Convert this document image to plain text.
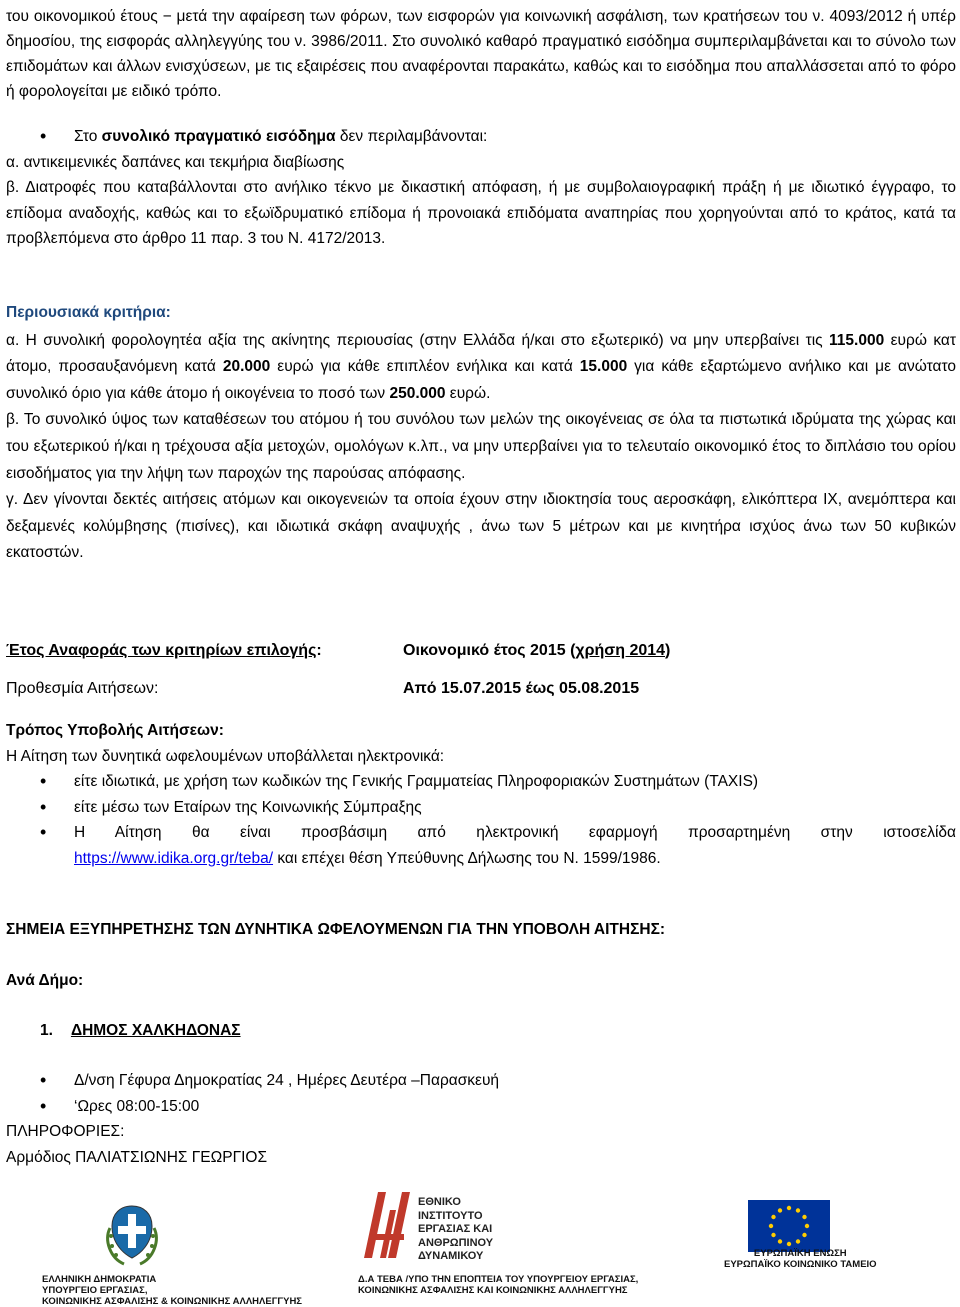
του οικονομικού έτους − μετά την αφαίρεση των φόρων, των εισφορών για κοινωνική ασφάλιση, των κρατήσεων του ν. 4093/2012 ή υπέρ δημοσίου, της εισφοράς αλληλεγγύης του ν. 3986/2011. Στο συνολικό καθαρό πραγματικό εισόδημα συμπεριλαμβάνεται και το σύνολο των επιδομάτων και άλλων ενισχύσεων, με τις εξαιρέσεις που αναφέρονται παρακάτω, καθώς και το εισόδημα που απαλλάσσεται από το φόρο ή φορολογείται με ειδικό τρόπο.

• Στο συνολικό πραγματικό εισόδημα δεν περιλαμβάνονται:

α. αντικειμενικές δαπάνες και τεκμήρια διαβίωσης

β. Διατροφές που καταβάλλονται στο ανήλικο τέκνο με δικαστική απόφαση, ή με συμβολαιογραφική πράξη ή με ιδιωτικό έγγραφο, το επίδομα αναδοχής, καθώς και το εξωϊδρυματικό επίδομα ή προνοιακά επιδόματα αναπηρίας που χορηγούνται από το κράτος, κατά τα προβλεπόμενα στο άρθρο 11 παρ. 3 του Ν. 4172/2013.

Περιουσιακά κριτήρια:

α. Η συνολική φορολογητέα αξία της ακίνητης περιουσίας (στην Ελλάδα ή/και στο εξωτερικό) να μην υπερβαίνει τις 115.000 ευρώ κατ άτομο, προσαυξανόμενη κατά 20.000 ευρώ για κάθε επιπλέον ενήλικα και κατά 15.000 για κάθε εξαρτώμενο ανήλικο και με ανώτατο συνολικό όριο για κάθε άτομο ή οικογένεια το ποσό των 250.000 ευρώ.

β. Το συνολικό ύψος των καταθέσεων του ατόμου ή του συνόλου των μελών της οικογένειας σε όλα τα πιστωτικά ιδρύματα της χώρας και του εξωτερικού ή/και η τρέχουσα αξία μετοχών, ομολόγων κ.λπ., να μην υπερβαίνει για το τελευταίο οικονομικό έτος το διπλάσιο του ορίου εισοδήματος για την λήψη των παροχών της παρούσας απόφασης.

γ. Δεν γίνονται δεκτές αιτήσεις ατόμων και οικογενειών τα οποία έχουν στην ιδιοκτησία τους αεροσκάφη, ελικόπτερα ΙΧ, ανεμόπτερα και δεξαμενές κολύμβησης (πισίνες), και ιδιωτικά σκάφη αναψυχής , άνω των 5 μέτρων και με κινητήρα ισχύος άνω των 50 κυβικών εκατοστών.

Έτος Αναφοράς των κριτηρίων επιλογής:	Οικονομικό έτος 2015 (χρήση 2014)
Προθεσμία Αιτήσεων:	Από 15.07.2015 έως 05.08.2015

Τρόπος Υποβολής Αιτήσεων:

Η Αίτηση των δυνητικά ωφελουμένων υποβάλλεται ηλεκτρονικά:

• είτε ιδιωτικά, με χρήση των κωδικών της Γενικής Γραμματείας Πληροφοριακών Συστημάτων (TAXIS)

• είτε μέσω των Εταίρων της Κοινωνικής Σύμπραξης

• Η Αίτηση θα είναι προσβάσιμη από ηλεκτρονική εφαρμογή προσαρτημένη στην ιστοσελίδα

https://www.idika.org.gr/teba/ και επέχει θέση Υπεύθυνης Δήλωσης του Ν. 1599/1986.

ΣΗΜΕΙΑ ΕΞΥΠΗΡΕΤΗΣΗΣ ΤΩΝ ΔΥΝΗΤΙΚΑ ΩΦΕΛΟΥΜΕΝΩΝ ΓΙΑ ΤΗΝ ΥΠΟΒΟΛΗ ΑΙΤΗΣΗΣ:

Ανά Δήμο:

1. ΔΗΜΟΣ ΧΑΛΚΗΔΟΝΑΣ

• Δ/νση Γέφυρα Δημοκρατίας 24 , Ημέρες Δευτέρα –Παρασκευή

• ‘Ωρες 08:00-15:00

ΠΛΗΡΟΦΟΡΙΕΣ:

Αρμόδιος ΠΑΛΙΑΤΣΙΩΝΗΣ ΓΕΩΡΓΙΟΣ

ΕΛΛΗΝΙΚΗ ΔΗΜΟΚΡΑΤΙΑ
ΥΠΟΥΡΓΕΙΟ ΕΡΓΑΣΙΑΣ,
ΚΟΙΝΩΝΙΚΗΣ ΑΣΦΑΛΙΣΗΣ & ΚΟΙΝΩΝΙΚΗΣ ΑΛΛΗΛΕΓΓΥΗΣ
ΕΘΝΙΚΟ
ΙΝΣΤΙΤΟΥΤΟ
ΕΡΓΑΣΙΑΣ ΚΑΙ
ΑΝΘΡΩΠΙΝΟΥ
ΔΥΝΑΜΙΚΟΥ
Δ.Α ΤΕΒΑ /ΥΠΟ ΤΗΝ ΕΠΟΠΤΕΙΑ ΤΟΥ ΥΠΟΥΡΓΕΙΟΥ ΕΡΓΑΣΙΑΣ,
ΚΟΙΝΩΝΙΚΗΣ ΑΣΦΑΛΙΣΗΣ ΚΑΙ ΚΟΙΝΩΝΙΚΗΣ ΑΛΛΗΛΕΓΓΥΗΣ
ΕΥΡΩΠΑΪΚΗ ΕΝΩΣΗ
ΕΥΡΩΠΑΪΚΟ ΚΟΙΝΩΝΙΚΟ ΤΑΜΕΙΟ
